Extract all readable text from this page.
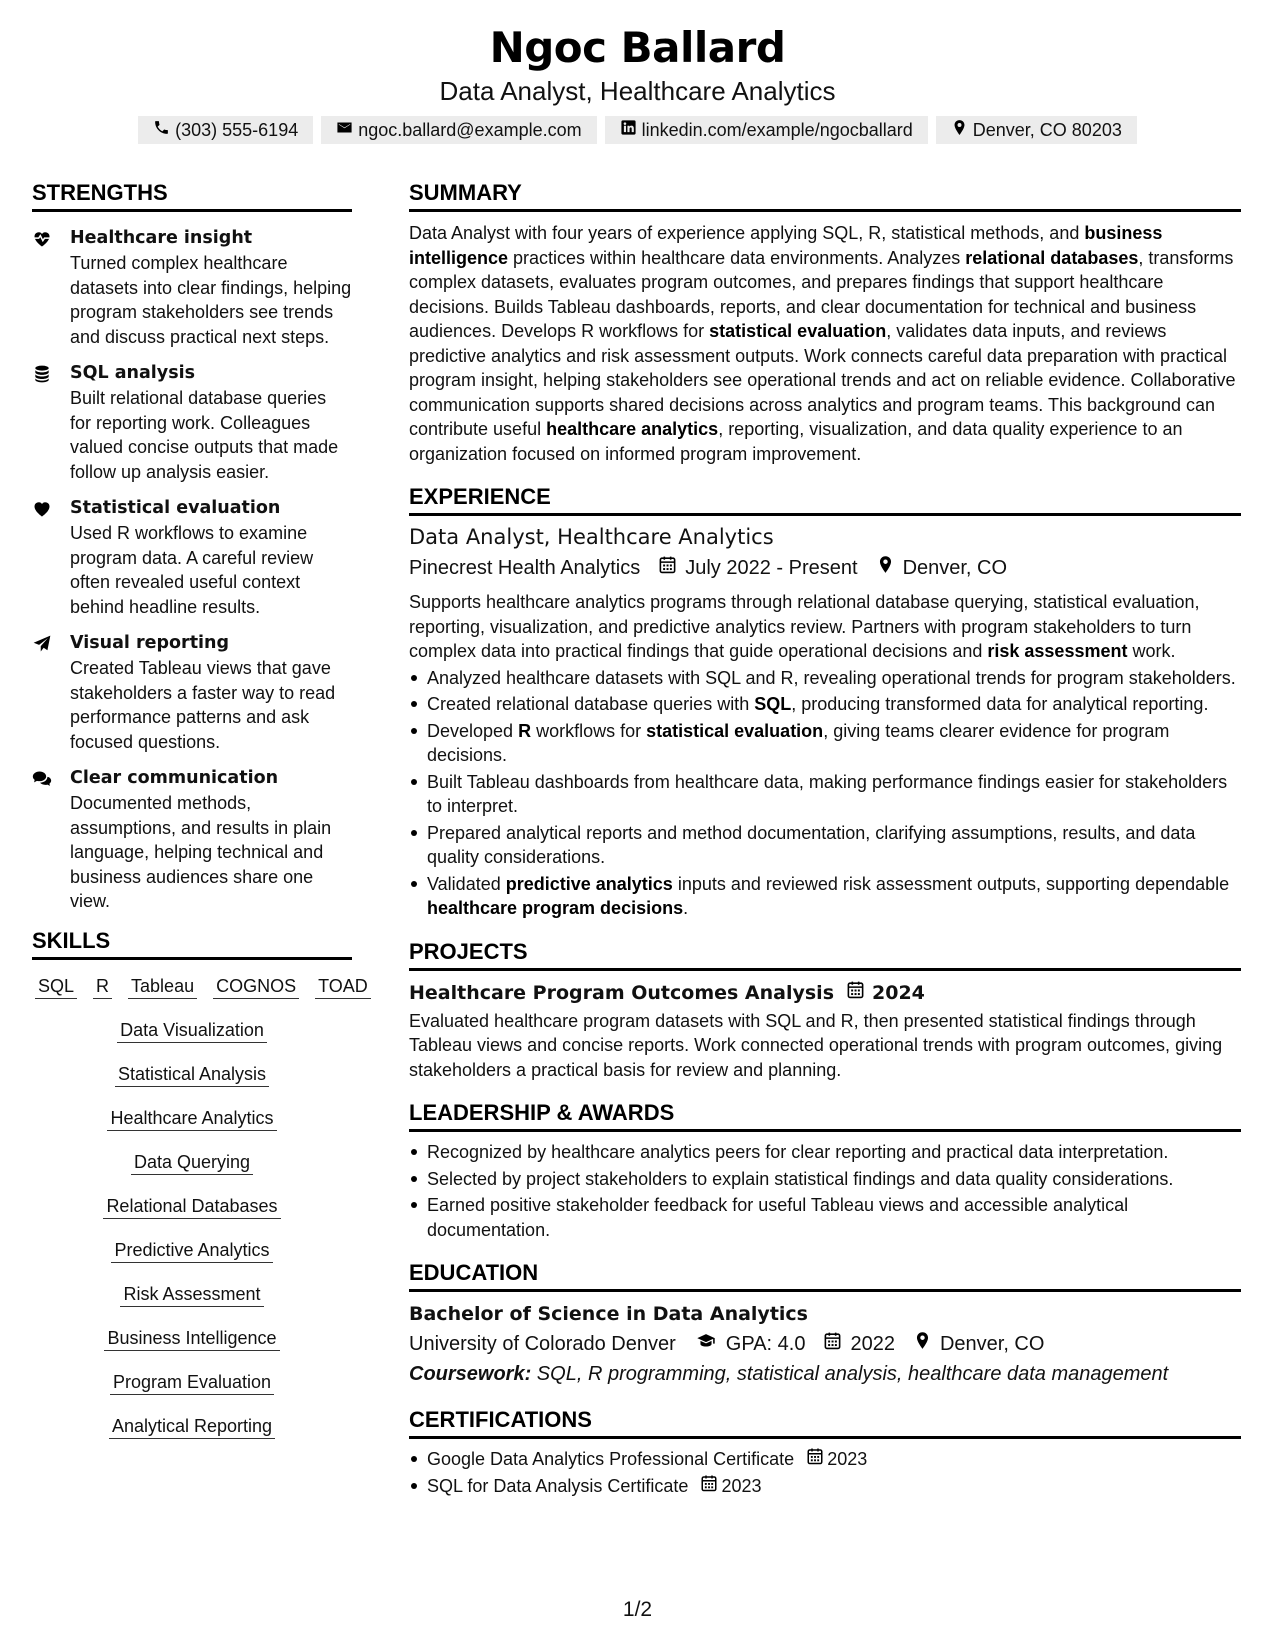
Ngoc Ballard
Data Analyst, Healthcare Analytics
(303) 555-6194	ngoc.ballard@example.com	linkedin.com/example/ngocballard	Denver, CO 80203
STRENGTHS
Healthcare insight
Turned complex healthcare datasets into clear findings, helping program stakeholders see trends and discuss practical next steps.
SQL analysis
Built relational database queries for reporting work. Colleagues valued concise outputs that made follow up analysis easier.
Statistical evaluation
Used R workflows to examine program data. A careful review often revealed useful context behind headline results.
Visual reporting
Created Tableau views that gave stakeholders a faster way to read performance patterns and ask focused questions.
Clear communication
Documented methods, assumptions, and results in plain language, helping technical and business audiences share one view.
SKILLS
SQL R Tableau COGNOS TOAD
Data Visualization
Statistical Analysis
Healthcare Analytics
Data Querying
Relational Databases
Predictive Analytics
Risk Assessment
Business Intelligence
Program Evaluation
Analytical Reporting
SUMMARY
Data Analyst with four years of experience applying SQL, R, statistical methods, and business intelligence practices within healthcare data environments. Analyzes relational databases, transforms complex datasets, evaluates program outcomes, and prepares findings that support healthcare decisions. Builds Tableau dashboards, reports, and clear documentation for technical and business audiences. Develops R workflows for statistical evaluation, validates data inputs, and reviews predictive analytics and risk assessment outputs. Work connects careful data preparation with practical program insight, helping stakeholders see operational trends and act on reliable evidence. Collaborative communication supports shared decisions across analytics and program teams. This background can contribute useful healthcare analytics, reporting, visualization, and data quality experience to an organization focused on informed program improvement.
EXPERIENCE
Data Analyst, Healthcare Analytics
Pinecrest Health Analytics July 2022 - Present Denver, CO
Supports healthcare analytics programs through relational database querying, statistical evaluation, reporting, visualization, and predictive analytics review. Partners with program stakeholders to turn complex data into practical findings that guide operational decisions and risk assessment work.
Analyzed healthcare datasets with SQL and R, revealing operational trends for program stakeholders.
Created relational database queries with SQL, producing transformed data for analytical reporting.
Developed R workflows for statistical evaluation, giving teams clearer evidence for program decisions.
Built Tableau dashboards from healthcare data, making performance findings easier for stakeholders to interpret.
Prepared analytical reports and method documentation, clarifying assumptions, results, and data quality considerations.
Validated predictive analytics inputs and reviewed risk assessment outputs, supporting dependable healthcare program decisions.
PROJECTS
Healthcare Program Outcomes Analysis 2024
Evaluated healthcare program datasets with SQL and R, then presented statistical findings through Tableau views and concise reports. Work connected operational trends with program outcomes, giving stakeholders a practical basis for review and planning.
LEADERSHIP & AWARDS
Recognized by healthcare analytics peers for clear reporting and practical data interpretation.
Selected by project stakeholders to explain statistical findings and data quality considerations.
Earned positive stakeholder feedback for useful Tableau views and accessible analytical documentation.
EDUCATION
Bachelor of Science in Data Analytics
University of Colorado Denver	GPA: 4.0 2022 Denver, CO
Coursework: SQL, R programming, statistical analysis, healthcare data management
CERTIFICATIONS
Google Data Analytics Professional Certificate 2023
SQL for Data Analysis Certificate 2023
1/2
